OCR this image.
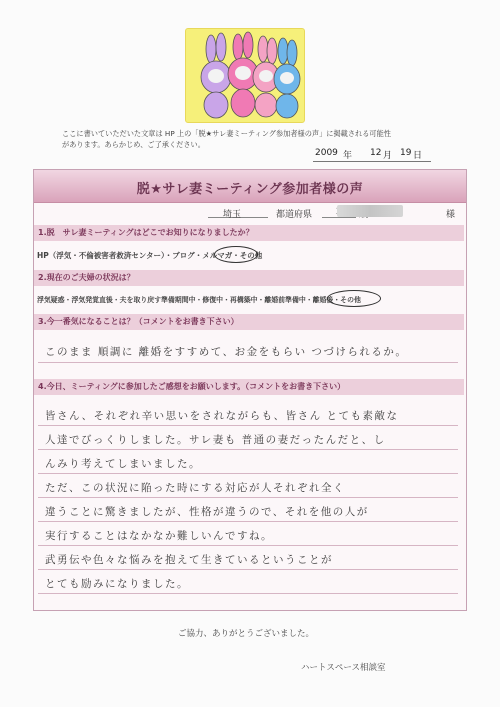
ここに書いていただいた文章は HP 上の「脱★サレ妻ミーティング参加者様の声」に掲載される可能性
があります。あらかじめ、ご了承ください。
2009 年 12 月 19 日
脱★サレ妻ミーティング参加者様の声
埼玉	都道府県	様
1.脱　サレ妻ミーティングはどこでお知りになりましたか？
HP（浮気・不倫被害者救済センター）・ブログ・メルマガ・その他
2.現在のご夫婦の状況は？
浮気疑惑・浮気発覚直後・夫を取り戻す準備期間中・修復中・再構築中・離婚前準備中・離婚後・その他
3.今一番気になることは？（コメントをお書き下さい）
このまま 順調に 離婚をすすめて、お金をもらい つづけられるか。
4.今日、ミーティングに参加したご感想をお願いします。（コメントをお書き下さい）
皆さん、それぞれ辛い思いをされながらも、皆さん とても素敵な
人達でびっくりしました。サレ妻も 普通の妻だったんだと、し
んみり考えてしまいました。
ただ、この状況に陥った時にする対応が人それぞれ全く
違うことに驚きましたが、性格が違うので、それを他の人が
実行することはなかなか難しいんですね。
武勇伝や色々な悩みを抱えて生きているということが
とても励みになりました。
ご協力、ありがとうございました。
ハートスペース相談室
